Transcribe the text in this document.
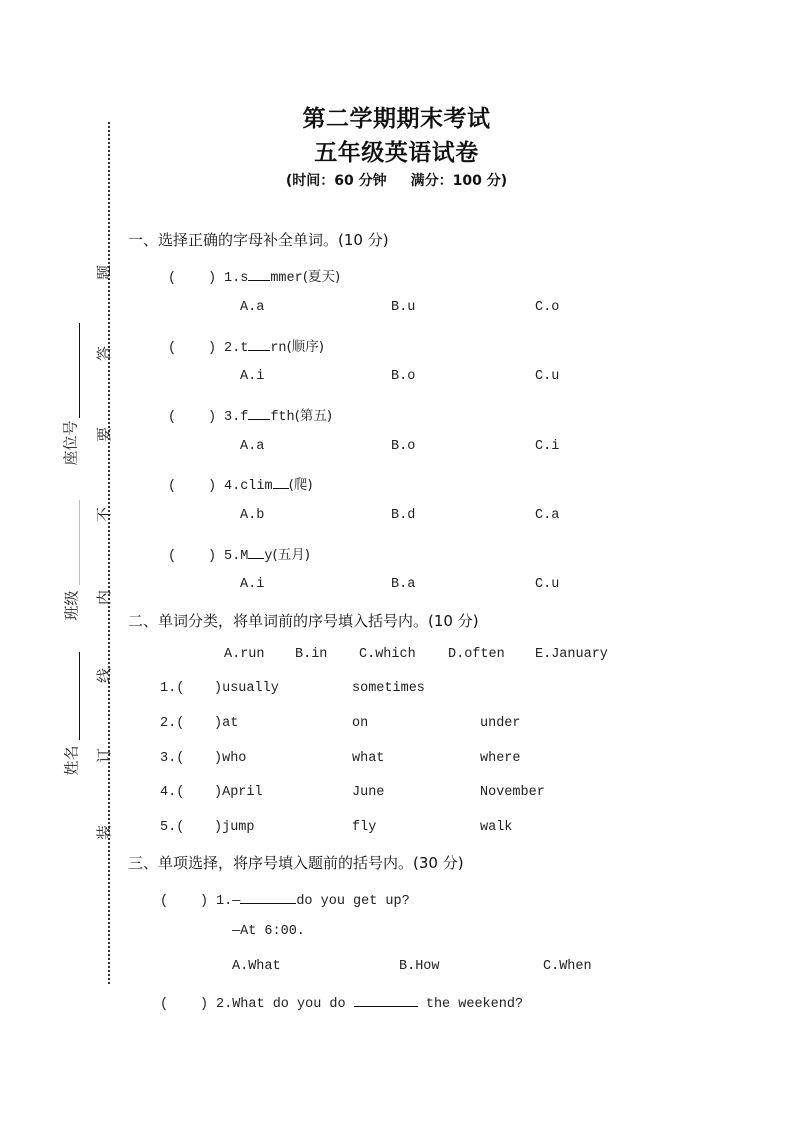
题
答
要
不
内
线
订
装
座位号
班级
姓名
第二学期期末考试
五年级英语试卷
(时间：60 分钟 满分：100 分)
一、选择正确的字母补全单词。(10 分)
( ) 1.s mmer(夏天)
A.a	B.u	C.o
( ) 2.t rn(顺序)
A.i	B.o	C.u
( ) 3.f fth(第五)
A.a	B.o	C.i
( ) 4.clim (爬)
A.b	B.d	C.a
( ) 5.M y(五月)
A.i	B.a	C.u
二、单词分类，将单词前的序号填入括号内。(10 分)
A.run B.in C.which D.often E.January
1.( )usually	sometimes
2.( )at	on	under
3.( )who	what	where
4.( )April	June	November
5.( )jump	fly	walk
三、单项选择，将序号填入题前的括号内。(30 分)
( ) 1.—	do you get up?
—At 6:00.
A.What	B.How	C.When
( ) 2.What do you do	the weekend?
